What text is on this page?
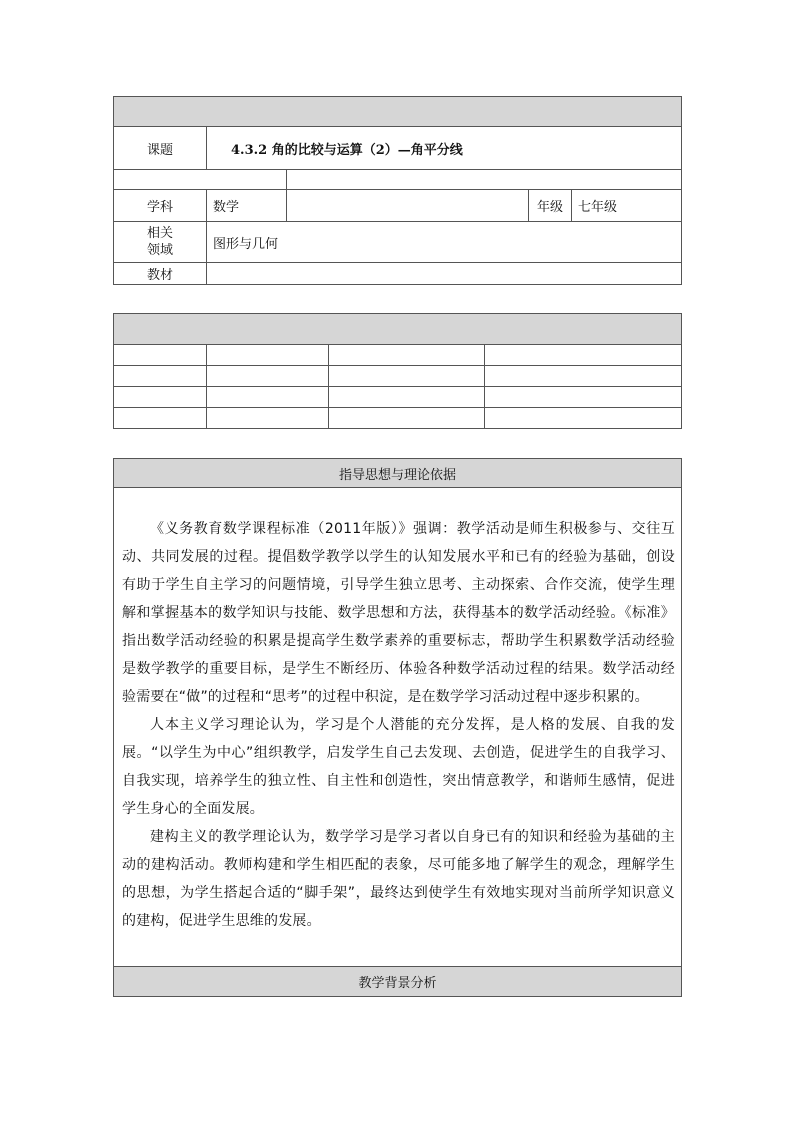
课题	4.3.2 角的比较与运算（2）—角平分线			

学科	数学		年级	七年级

相关
领域	图形与几何			
教材				

指导思想与理论依据

《义务教育数学课程标准（2011年版）》强调：教学活动是师生积极参与、交往互动、共同发展的过程。提倡数学教学以学生的认知发展水平和已有的经验为基础，创设有助于学生自主学习的问题情境，引导学生独立思考、主动探索、合作交流，使学生理解和掌握基本的数学知识与技能、数学思想和方法，获得基本的数学活动经验。《标准》指出数学活动经验的积累是提高学生数学素养的重要标志，帮助学生积累数学活动经验是数学教学的重要目标，是学生不断经历、体验各种数学活动过程的结果。数学活动经验需要在“做”的过程和“思考”的过程中积淀，是在数学学习活动过程中逐步积累的。

人本主义学习理论认为，学习是个人潜能的充分发挥，是人格的发展、自我的发展。“以学生为中心”组织教学，启发学生自己去发现、去创造，促进学生的自我学习、自我实现，培养学生的独立性、自主性和创造性，突出情意教学，和谐师生感情，促进学生身心的全面发展。

建构主义的教学理论认为，数学学习是学习者以自身已有的知识和经验为基础的主动的建构活动。教师构建和学生相匹配的表象，尽可能多地了解学生的观念，理解学生的思想，为学生搭起合适的“脚手架”，最终达到使学生有效地实现对当前所学知识意义的建构，促进学生思维的发展。

教学背景分析
